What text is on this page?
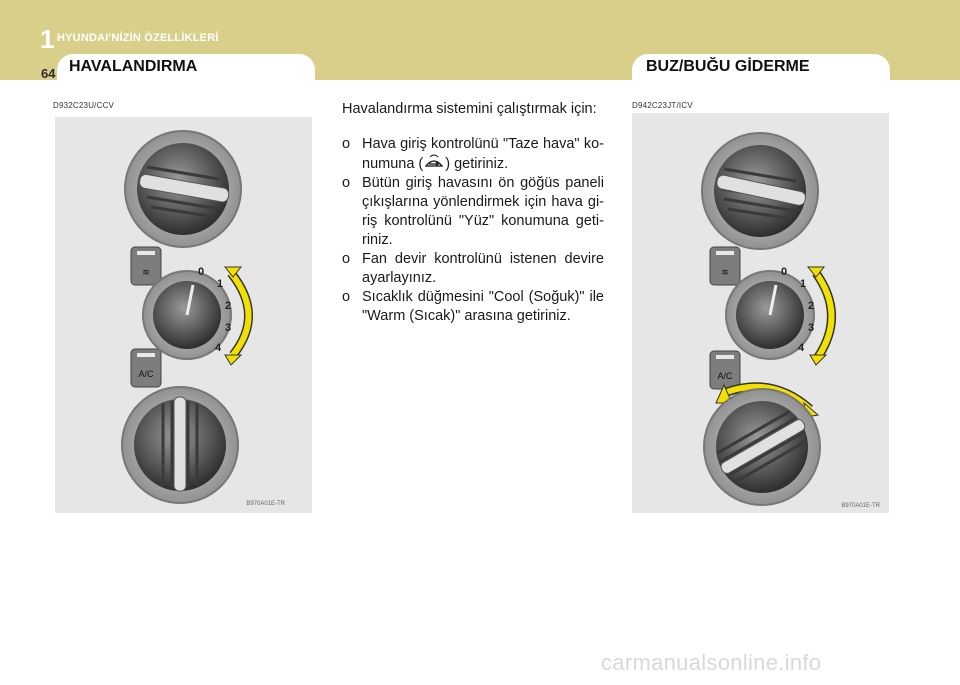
1 HYUNDAI'NİZİN ÖZELLİKLERİ
64 HAVALANDIRMA	BUZ/BUĞU GİDERME
D932C23U/CCV
≋
A/C
0
1
2
3
4
B970A01E-TR

Havalandırma sistemini çalıştırmak için:

o Hava giriş kontrolünü "Taze hava" ko-numuna ( ) getiriniz.
o Bütün giriş havasını ön göğüs paneli çıkışlarına yönlendirmek için hava gi-riş kontrolünü "Yüz" konumuna geti-riniz.
o Fan devir kontrolünü istenen devire ayarlayınız.
o Sıcaklık düğmesini "Cool (Soğuk)" ile "Warm (Sıcak)" arasına getiriniz.
D942C23JT/ICV
≋
A/C
0
1
2
3
4
B970A01E-TR
carmanualsonline.info
